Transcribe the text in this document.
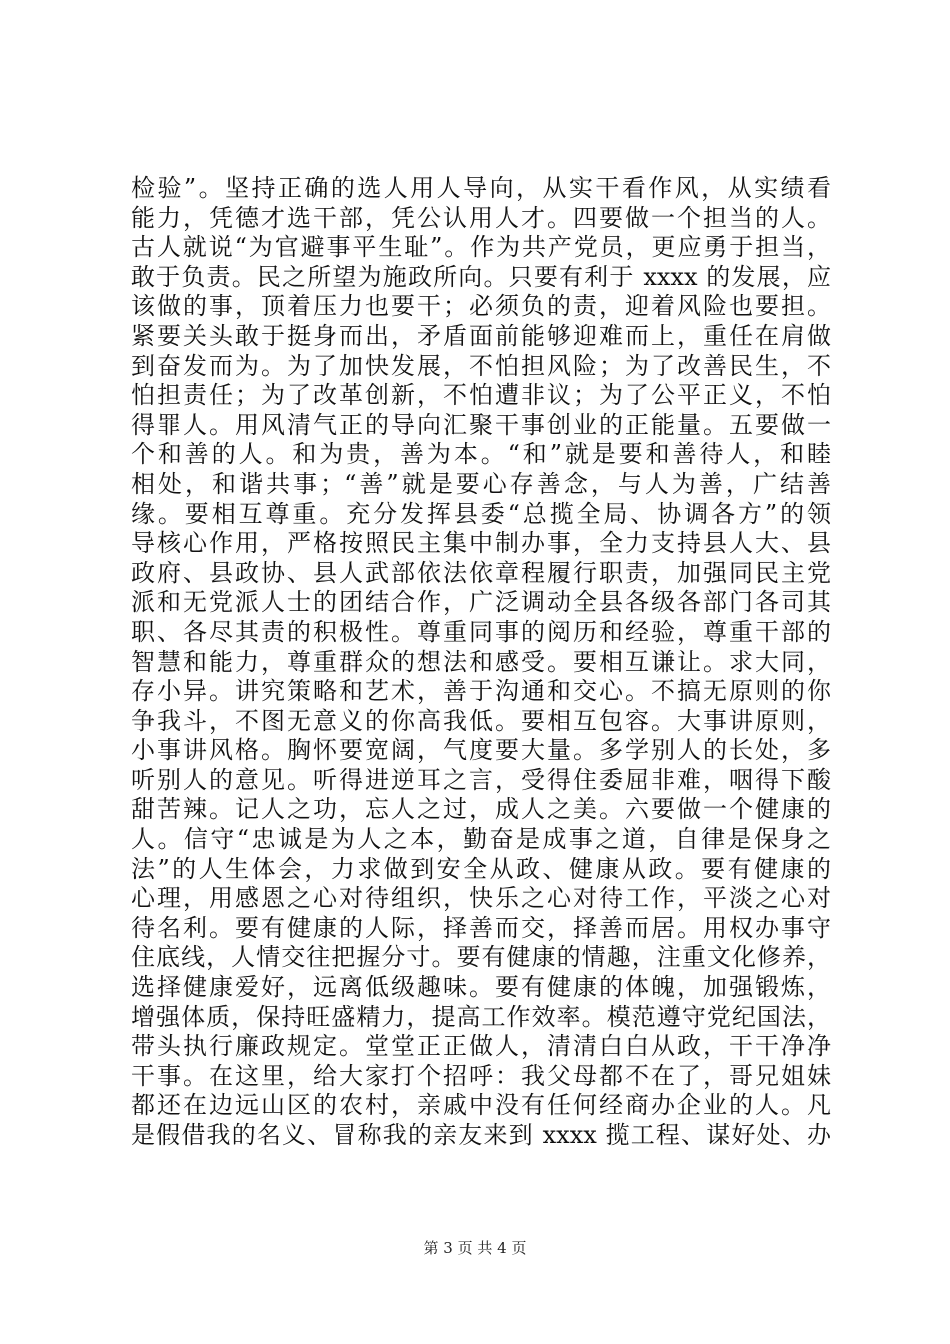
检验”。坚持正确的选人用人导向，从实干看作风，从实绩看
能力，凭德才选干部，凭公认用人才。四要做一个担当的人。
古人就说“为官避事平生耻”。作为共产党员，更应勇于担当，
敢于负责。民之所望为施政所向。只要有利于 xxxx 的发展，应
该做的事，顶着压力也要干；必须负的责，迎着风险也要担。
紧要关头敢于挺身而出，矛盾面前能够迎难而上，重任在肩做
到奋发而为。为了加快发展，不怕担风险；为了改善民生，不
怕担责任；为了改革创新，不怕遭非议；为了公平正义，不怕
得罪人。用风清气正的导向汇聚干事创业的正能量。五要做一
个和善的人。和为贵，善为本。“和”就是要和善待人，和睦
相处，和谐共事；“善”就是要心存善念，与人为善，广结善
缘。要相互尊重。充分发挥县委“总揽全局、协调各方”的领
导核心作用，严格按照民主集中制办事，全力支持县人大、县
政府、县政协、县人武部依法依章程履行职责，加强同民主党
派和无党派人士的团结合作，广泛调动全县各级各部门各司其
职、各尽其责的积极性。尊重同事的阅历和经验，尊重干部的
智慧和能力，尊重群众的想法和感受。要相互谦让。求大同，
存小异。讲究策略和艺术，善于沟通和交心。不搞无原则的你
争我斗，不图无意义的你高我低。要相互包容。大事讲原则，
小事讲风格。胸怀要宽阔，气度要大量。多学别人的长处，多
听别人的意见。听得进逆耳之言，受得住委屈非难，咽得下酸
甜苦辣。记人之功，忘人之过，成人之美。六要做一个健康的
人。信守“忠诚是为人之本，勤奋是成事之道，自律是保身之
法”的人生体会，力求做到安全从政、健康从政。要有健康的
心理，用感恩之心对待组织，快乐之心对待工作，平淡之心对
待名利。要有健康的人际，择善而交，择善而居。用权办事守
住底线，人情交往把握分寸。要有健康的情趣，注重文化修养，
选择健康爱好，远离低级趣味。要有健康的体魄，加强锻炼，
增强体质，保持旺盛精力，提高工作效率。模范遵守党纪国法，
带头执行廉政规定。堂堂正正做人，清清白白从政，干干净净
干事。在这里，给大家打个招呼：我父母都不在了，哥兄姐妹
都还在边远山区的农村，亲戚中没有任何经商办企业的人。凡
是假借我的名义、冒称我的亲友来到 xxxx 揽工程、谋好处、办
第 3 页 共 4 页
